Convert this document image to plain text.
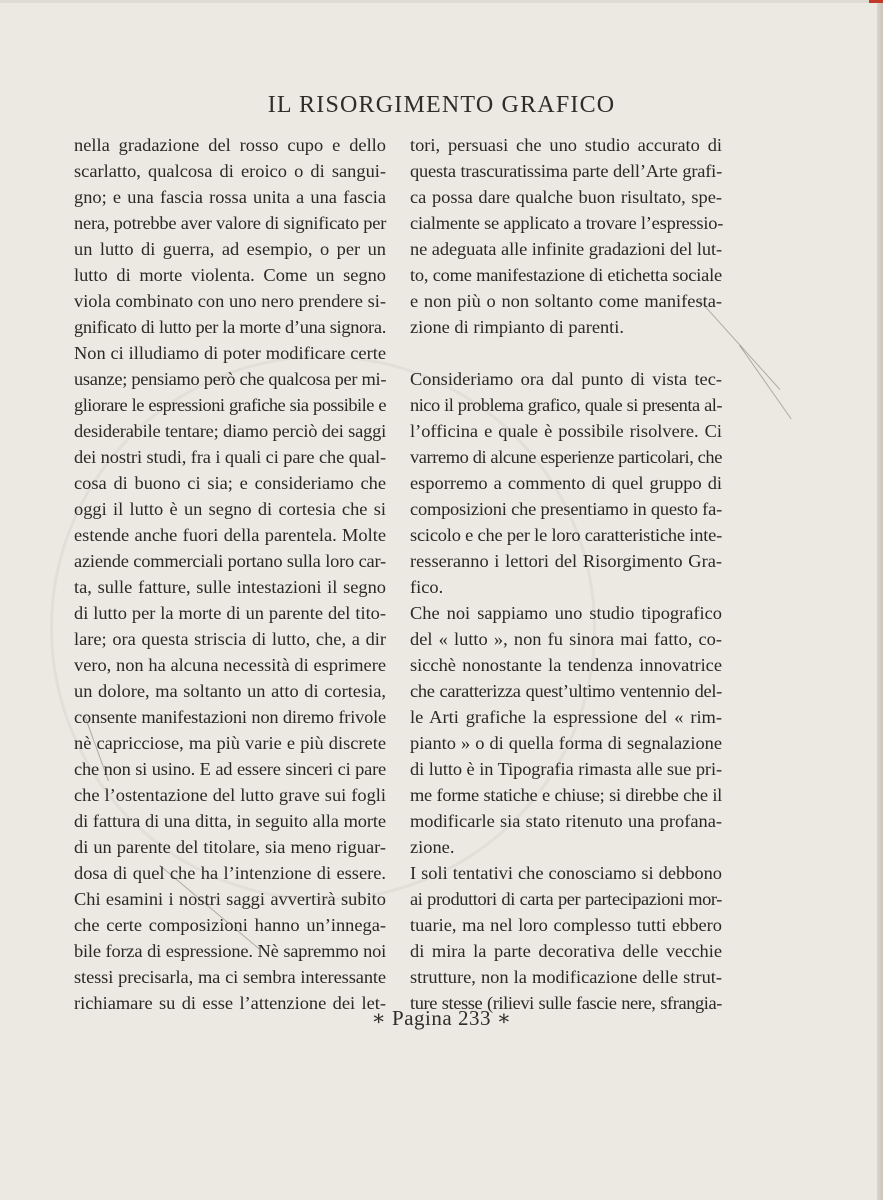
IL RISORGIMENTO GRAFICO
nella gradazione del rosso cupo e dello
scarlatto, qualcosa di eroico o di sangui-
gno; e una fascia rossa unita a una fascia
nera, potrebbe aver valore di significato per
un lutto di guerra, ad esempio, o per un
lutto di morte violenta. Come un segno
viola combinato con uno nero prendere si-
gnificato di lutto per la morte d’una signora.
Non ci illudiamo di poter modificare certe
usanze; pensiamo però che qualcosa per mi-
gliorare le espressioni grafiche sia possibile e
desiderabile tentare; diamo perciò dei saggi
dei nostri studi, fra i quali ci pare che qual-
cosa di buono ci sia; e consideriamo che
oggi il lutto è un segno di cortesia che si
estende anche fuori della parentela. Molte
aziende commerciali portano sulla loro car-
ta, sulle fatture, sulle intestazioni il segno
di lutto per la morte di un parente del tito-
lare; ora questa striscia di lutto, che, a dir
vero, non ha alcuna necessità di esprimere
un dolore, ma soltanto un atto di cortesia,
consente manifestazioni non diremo frivole
nè capricciose, ma più varie e più discrete
che non si usino. E ad essere sinceri ci pare
che l’ostentazione del lutto grave sui fogli
di fattura di una ditta, in seguito alla morte
di un parente del titolare, sia meno riguar-
dosa di quel che ha l’intenzione di essere.
Chi esamini i nostri saggi avvertirà subito
che certe composizioni hanno un’innega-
bile forza di espressione. Nè sapremmo noi
stessi precisarla, ma ci sembra interessante
richiamare su di esse l’attenzione dei let-
tori, persuasi che uno studio accurato di
questa trascuratissima parte dell’Arte grafi-
ca possa dare qualche buon risultato, spe-
cialmente se applicato a trovare l’espressio-
ne adeguata alle infinite gradazioni del lut-
to, come manifestazione di etichetta sociale
e non più o non soltanto come manifesta-
zione di rimpianto di parenti.
Consideriamo ora dal punto di vista tec-
nico il problema grafico, quale si presenta al-
l’officina e quale è possibile risolvere. Ci
varremo di alcune esperienze particolari, che
esporremo a commento di quel gruppo di
composizioni che presentiamo in questo fa-
scicolo e che per le loro caratteristiche inte-
resseranno i lettori del Risorgimento Gra-
fico.
Che noi sappiamo uno studio tipografico
del « lutto », non fu sinora mai fatto, co-
sicchè nonostante la tendenza innovatrice
che caratterizza quest’ultimo ventennio del-
le Arti grafiche la espressione del « rim-
pianto » o di quella forma di segnalazione
di lutto è in Tipografia rimasta alle sue pri-
me forme statiche e chiuse; si direbbe che il
modificarle sia stato ritenuto una profana-
zione.
I soli tentativi che conosciamo si debbono
ai produttori di carta per partecipazioni mor-
tuarie, ma nel loro complesso tutti ebbero
di mira la parte decorativa delle vecchie
strutture, non la modificazione delle strut-
ture stesse (rilievi sulle fascie nere, sfrangia-
∗ Pagina 233 ∗
